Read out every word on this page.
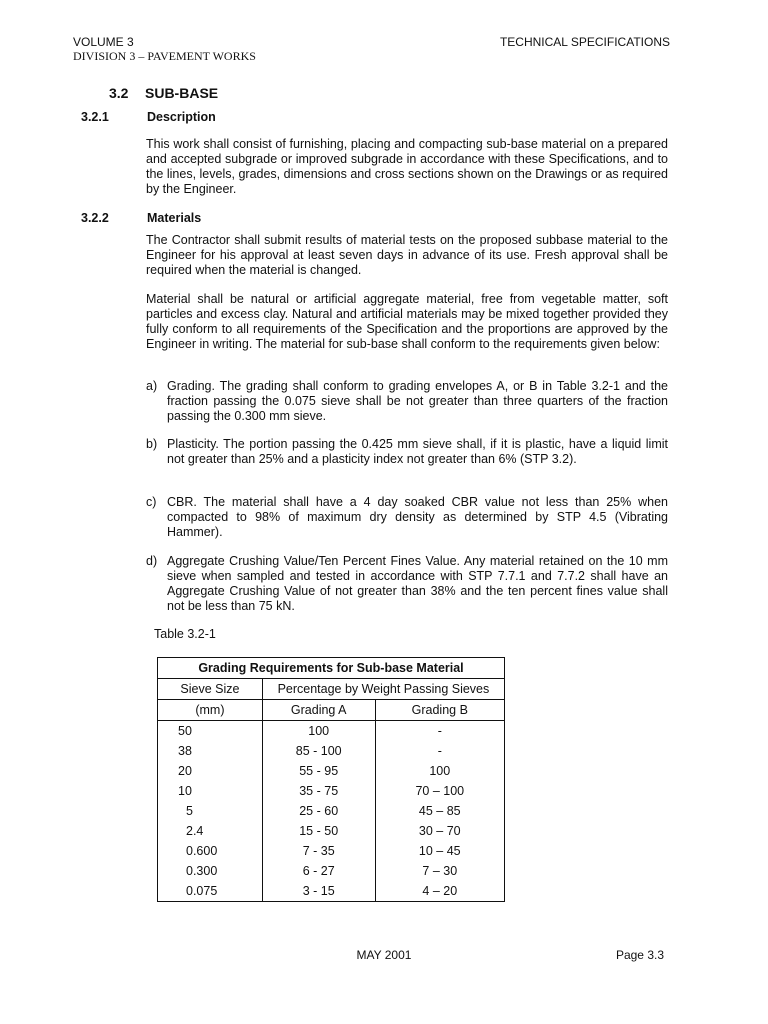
VOLUME 3
DIVISION 3 – PAVEMENT WORKS
TECHNICAL SPECIFICATIONS
3.2 SUB-BASE
3.2.1	Description
This work shall consist of furnishing, placing and compacting sub-base material on a prepared and accepted subgrade or improved subgrade in accordance with these Specifications, and to the lines, levels, grades, dimensions and cross sections shown on the Drawings or as required by the Engineer.
3.2.2	Materials
The Contractor shall submit results of material tests on the proposed subbase material to the Engineer for his approval at least seven days in advance of its use. Fresh approval shall be required when the material is changed.
Material shall be natural or artificial aggregate material, free from vegetable matter, soft particles and excess clay. Natural and artificial materials may be mixed together provided they fully conform to all requirements of the Specification and the proportions are approved by the Engineer in writing. The material for sub-base shall conform to the requirements given below:
a) Grading. The grading shall conform to grading envelopes A, or B in Table 3.2-1 and the fraction passing the 0.075 sieve shall be not greater than three quarters of the fraction passing the 0.300 mm sieve.
b) Plasticity. The portion passing the 0.425 mm sieve shall, if it is plastic, have a liquid limit not greater than 25% and a plasticity index not greater than 6% (STP 3.2).
c) CBR. The material shall have a 4 day soaked CBR value not less than 25% when compacted to 98% of maximum dry density as determined by STP 4.5 (Vibrating Hammer).
d) Aggregate Crushing Value/Ten Percent Fines Value. Any material retained on the 10 mm sieve when sampled and tested in accordance with STP 7.7.1 and 7.7.2 shall have an Aggregate Crushing Value of not greater than 38% and the ten percent fines value shall not be less than 75 kN.
Table 3.2-1
Grading Requirements for Sub-base Material		
Sieve Size	Percentage by Weight Passing Sieves	
(mm)	Grading A	Grading B
50	100	-
38	85 - 100	-
20	55 - 95	100
10	35 - 75	70 – 100
5	25 - 60	45 – 85
2.4	15 - 50	30 – 70
0.600	7 - 35	10 – 45
0.300	6 - 27	7 – 30
0.075	3 - 15	4 – 20
MAY 2001	Page 3.3
